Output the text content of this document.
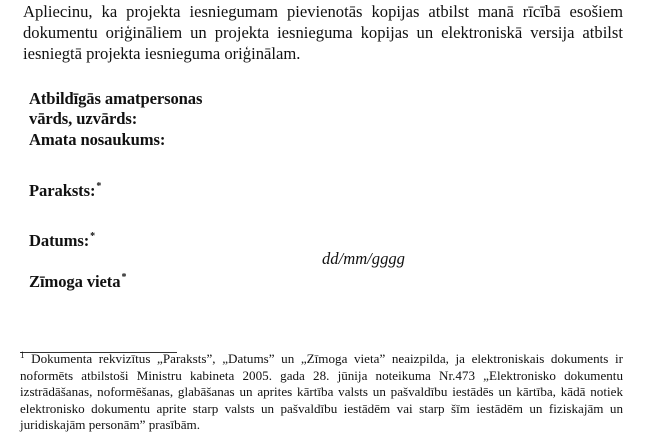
Apliecinu, ka projekta iesniegumam pievienotās kopijas atbilst manā rīcībā esošiem dokumentu oriģināliem un projekta iesnieguma kopijas un elektroniskā versija atbilst iesniegtā projekta iesnieguma oriģinālam.

Atbildīgās amatpersonas

vārds, uzvārds:

Amata nosaukums:

Paraksts:*

Datums:*

dd/mm/gggg

Zīmoga vieta*

$^1$ Dokumenta rekvizītus „Paraksts”, „Datums” un „Zīmoga vieta” neaizpilda, ja elektroniskais dokuments ir noformēts atbilstoši Ministru kabineta 2005. gada 28. jūnija noteikuma Nr.473 „Elektronisko dokumentu izstrādāšanas, noformēšanas, glabāšanas un aprites kārtība valsts un pašvaldību iestādēs un kārtība, kādā notiek elektronisko dokumentu aprite starp valsts un pašvaldību iestādēm vai starp šīm iestādēm un fiziskajām un juridiskajām personām” prasībām.
